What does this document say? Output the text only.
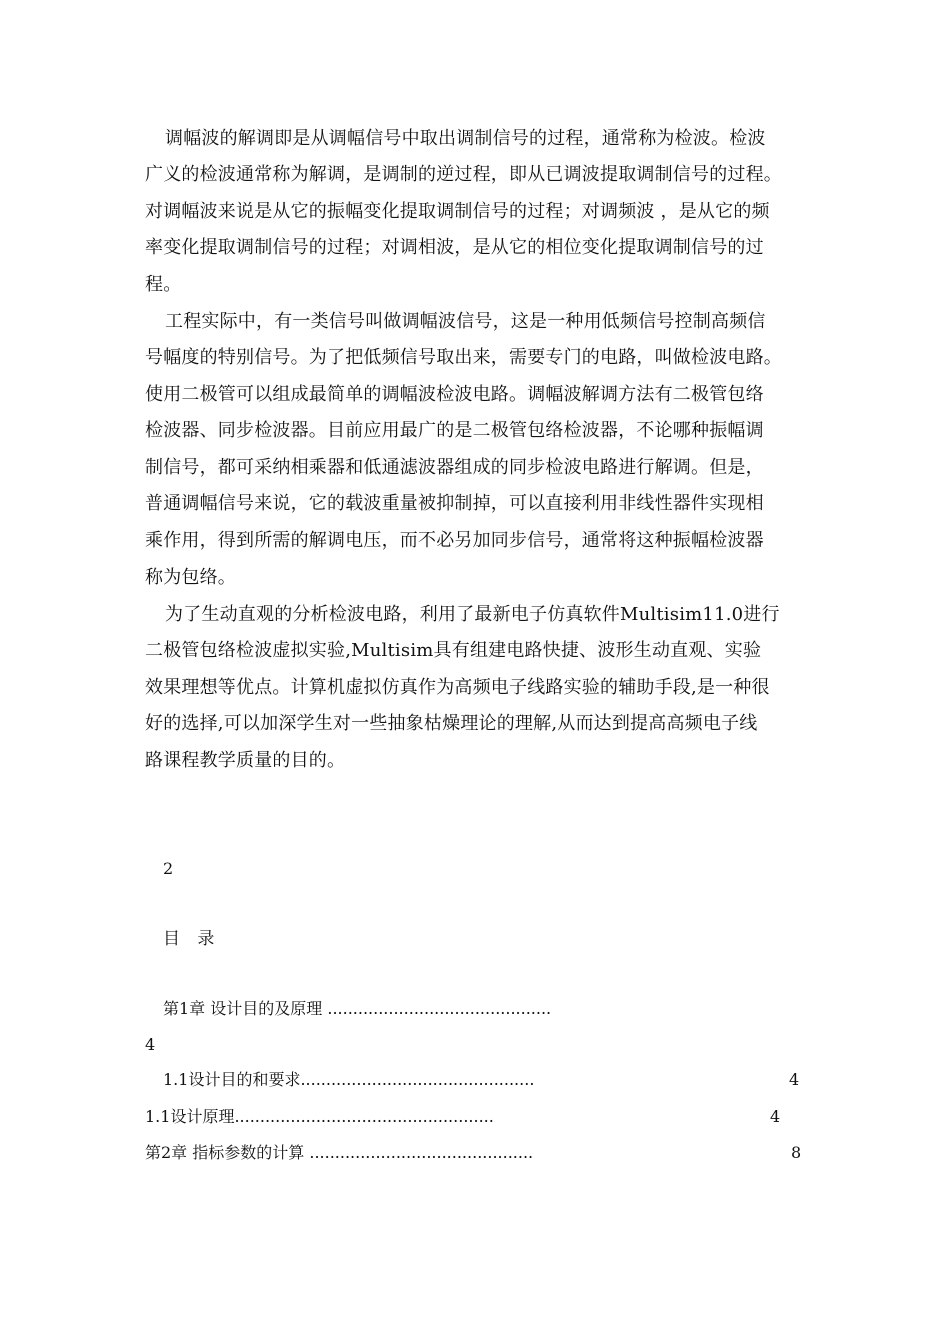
调幅波的解调即是从调幅信号中取出调制信号的过程，通常称为检波。检波
广义的检波通常称为解调，是调制的逆过程，即从已调波提取调制信号的过程。
对调幅波来说是从它的振幅变化提取调制信号的过程；对调频波 ，是从它的频
率变化提取调制信号的过程；对调相波，是从它的相位变化提取调制信号的过
程。
工程实际中，有一类信号叫做调幅波信号，这是一种用低频信号控制高频信
号幅度的特别信号。为了把低频信号取出来，需要专门的电路，叫做检波电路。
使用二极管可以组成最简单的调幅波检波电路。调幅波解调方法有二极管包络
检波器、同步检波器。目前应用最广的是二极管包络检波器，不论哪种振幅调
制信号，都可采纳相乘器和低通滤波器组成的同步检波电路进行解调。但是，
普通调幅信号来说，它的载波重量被抑制掉，可以直接利用非线性器件实现相
乘作用，得到所需的解调电压，而不必另加同步信号，通常将这种振幅检波器
称为包络。
为了生动直观的分析检波电路，利用了最新电子仿真软件Multisim11.0进行
二极管包络检波虚拟实验,Multisim具有组建电路快捷、波形生动直观、实验
效果理想等优点。计算机虚拟仿真作为高频电子线路实验的辅助手段,是一种很
好的选择,可以加深学生对一些抽象枯燥理论的理解,从而达到提高高频电子线
路课程教学质量的目的。
2
目 录
第1章 设计目的及原理 ............................................
4
1.1设计目的和要求..............................................	4
1.1设计原理...................................................	4
第2章 指标参数的计算 ............................................	8
